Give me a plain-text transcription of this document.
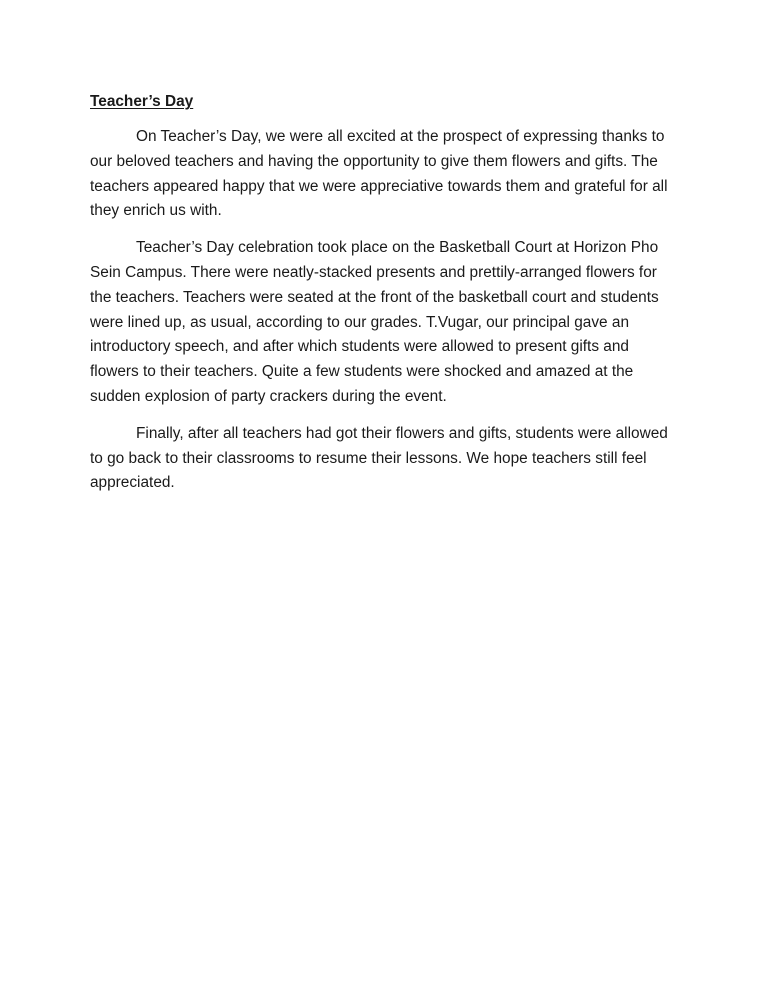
Teacher’s Day

On Teacher’s Day, we were all excited at the prospect of expressing thanks to our beloved teachers and having the opportunity to give them flowers and gifts. The teachers appeared happy that we were appreciative towards them and grateful for all they enrich us with.

Teacher’s Day celebration took place on the Basketball Court at Horizon Pho Sein Campus. There were neatly-stacked presents and prettily-arranged flowers for the teachers. Teachers were seated at the front of the basketball court and students were lined up, as usual, according to our grades. T.Vugar, our principal gave an introductory speech, and after which students were allowed to present gifts and flowers to their teachers. Quite a few students were shocked and amazed at the sudden explosion of party crackers during the event.

Finally, after all teachers had got their flowers and gifts, students were allowed to go back to their classrooms to resume their lessons. We hope teachers still feel appreciated.
